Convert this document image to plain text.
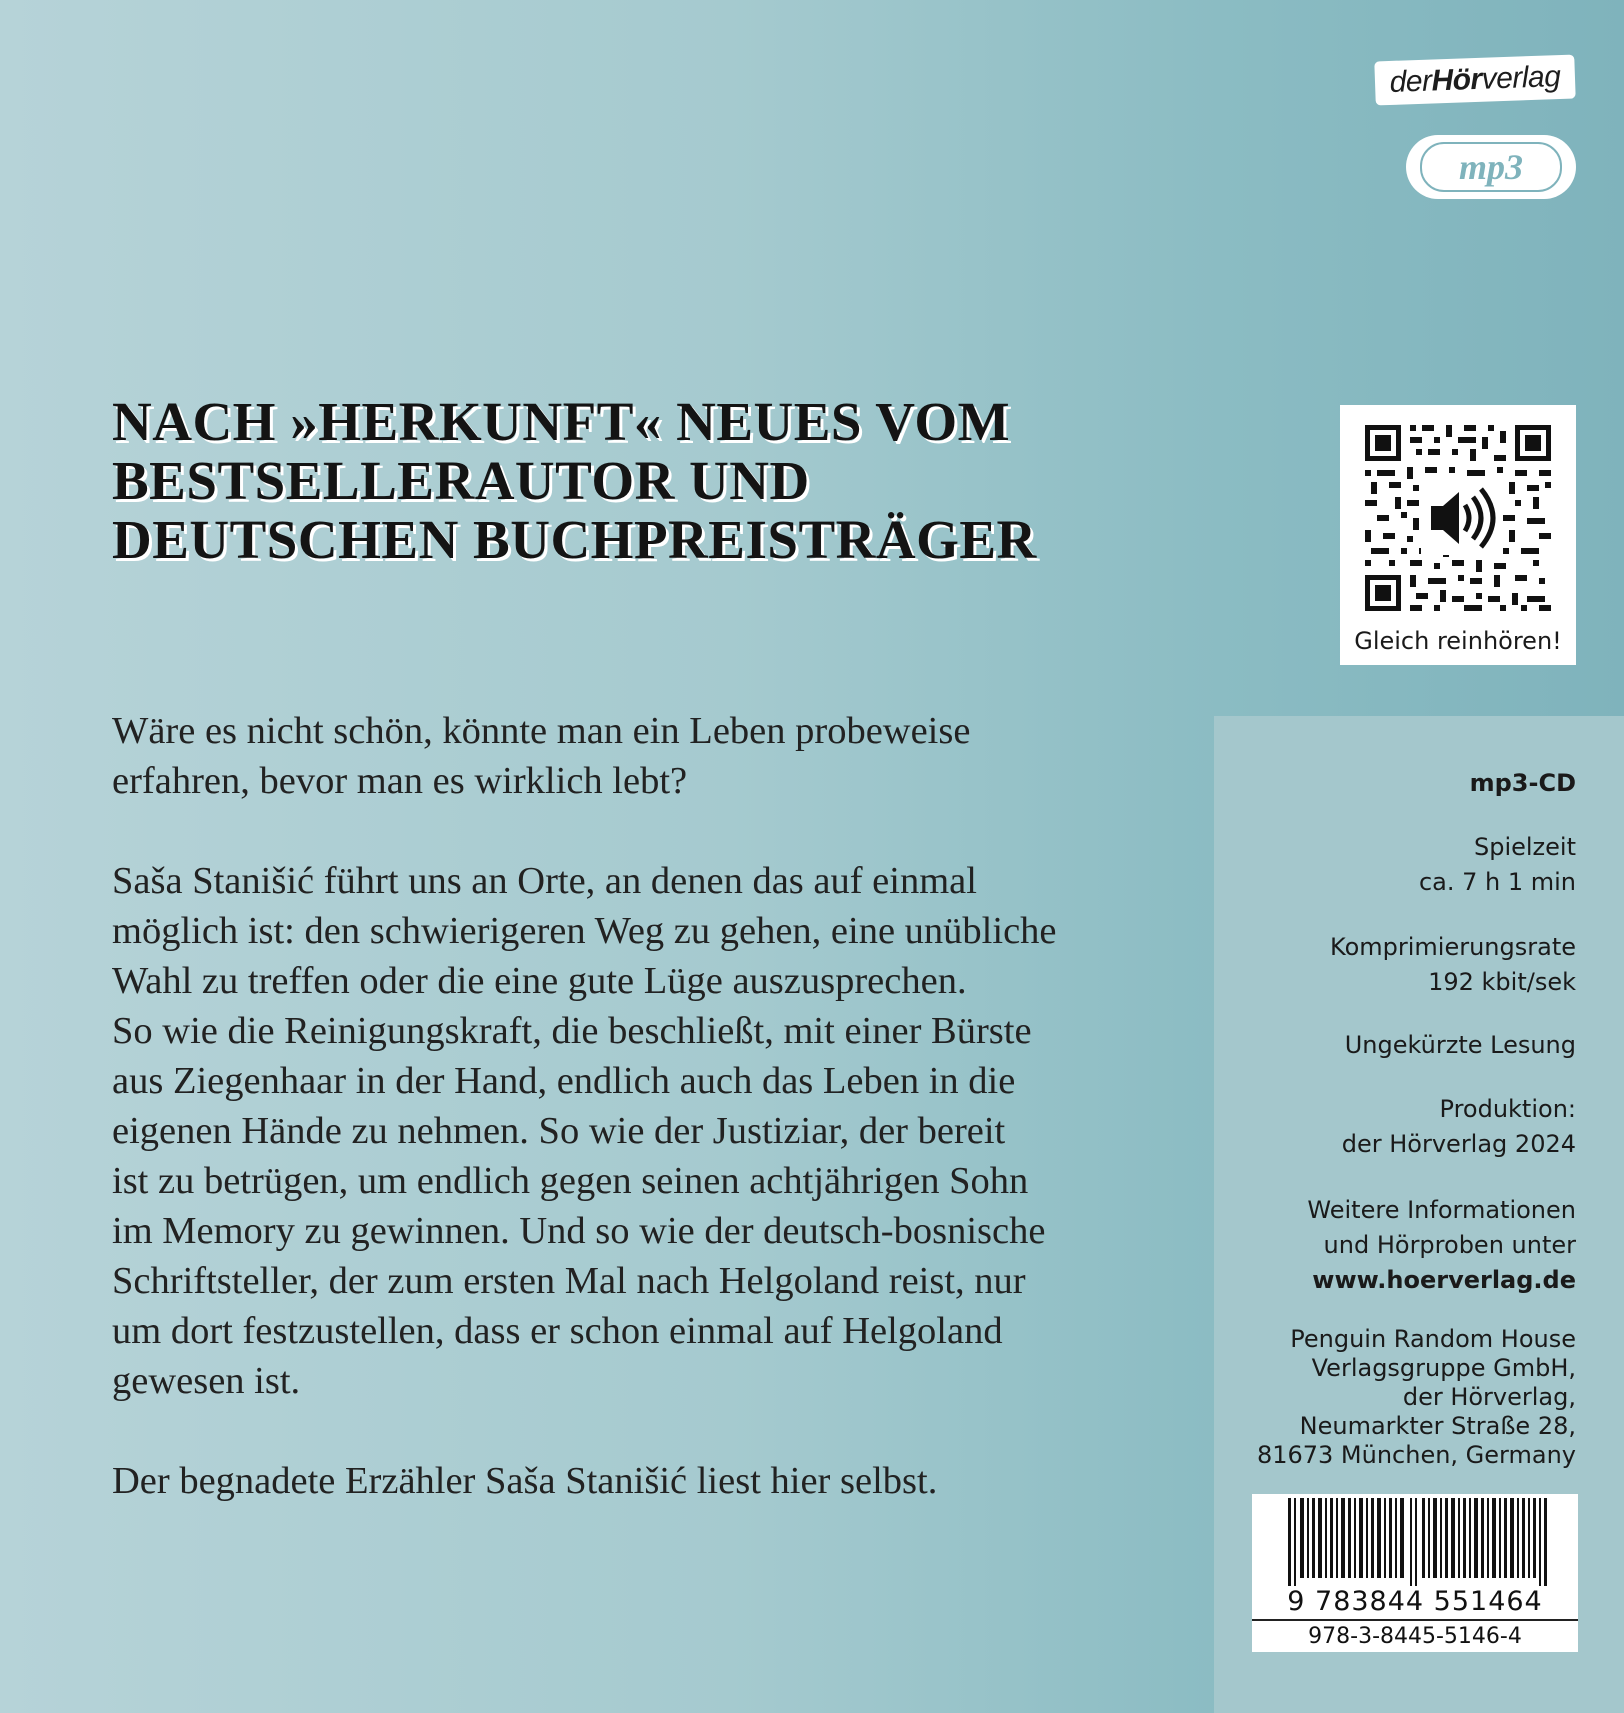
der
Hör
verlag
mp3
NACH »HERKUNFT« NEUES VOM
BESTSELLERAUTOR UND
DEUTSCHEN BUCHPREISTRÄGER
Gleich reinhören!

Wäre es nicht schön, könnte man ein Leben probeweise
erfahren, bevor man es wirklich lebt?

Saša Stanišić führt uns an Orte, an denen das auf einmal
möglich ist: den schwierigeren Weg zu gehen, eine unübliche
Wahl zu treffen oder die eine gute Lüge auszusprechen.
So wie die Reinigungskraft, die beschließt, mit einer Bürste
aus Ziegenhaar in der Hand, endlich auch das Leben in die
eigenen Hände zu nehmen. So wie der Justiziar, der bereit
ist zu betrügen, um endlich gegen seinen achtjährigen Sohn
im Memory zu gewinnen. Und so wie der deutsch-bosnische
Schriftsteller, der zum ersten Mal nach Helgoland reist, nur
um dort festzustellen, dass er schon einmal auf Helgoland
gewesen ist.

Der begnadete Erzähler Saša Stanišić liest hier selbst.

mp3-CD
Spielzeit
ca. 7 h 1 min
Komprimierungsrate
192 kbit/sek
Ungekürzte Lesung
Produktion:
der Hörverlag 2024
Weitere Informationen
und Hörproben unter
www.hoerverlag.de
Penguin Random House
Verlagsgruppe GmbH,
der Hörverlag,
Neumarkter Straße 28,
81673 München, Germany
9 783844 551464
978-3-8445-5146-4
